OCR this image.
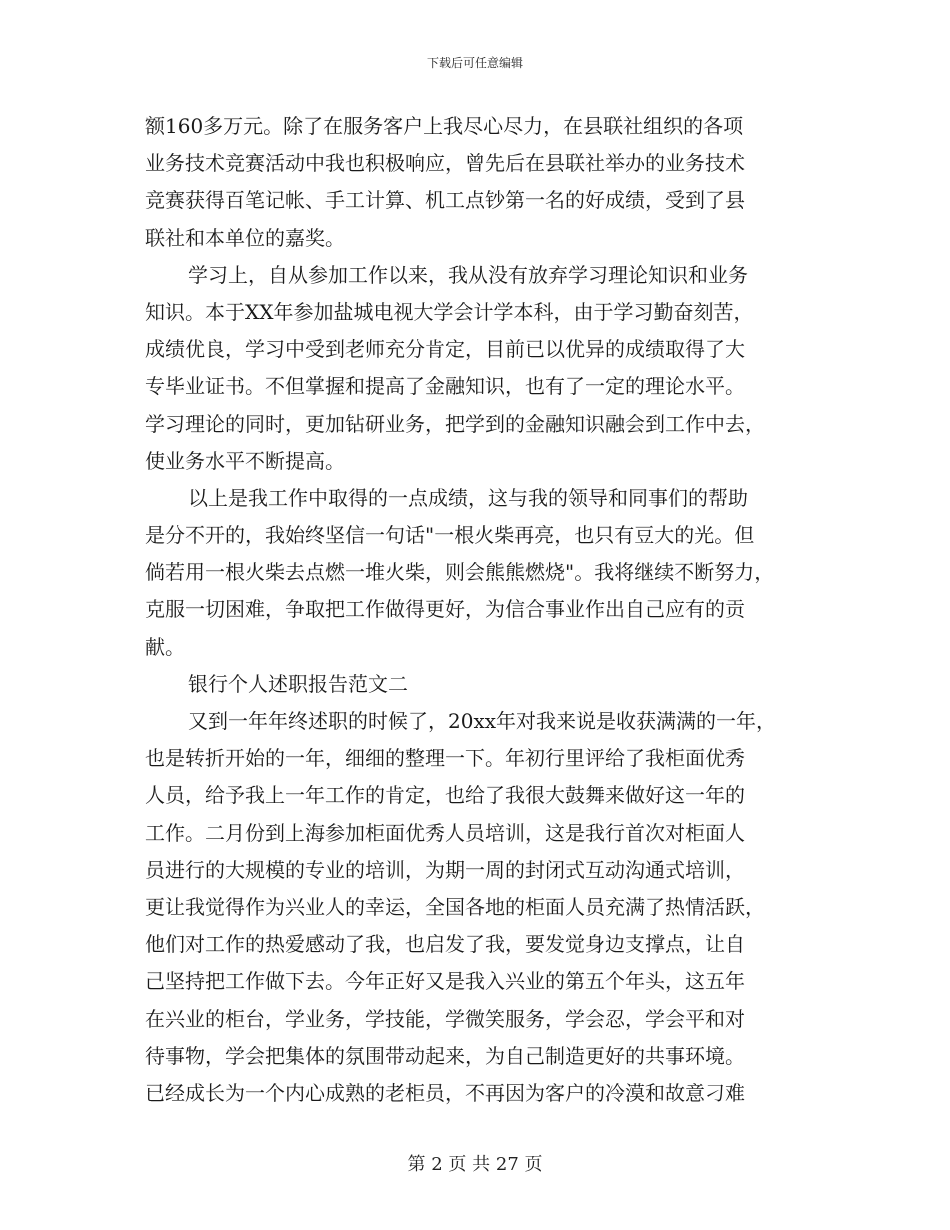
下载后可任意编辑
额160多万元。除了在服务客户上我尽心尽力，在县联社组织的各项
业务技术竞赛活动中我也积极响应，曾先后在县联社举办的业务技术
竞赛获得百笔记帐、手工计算、机工点钞第一名的好成绩，受到了县
联社和本单位的嘉奖。
学习上，自从参加工作以来，我从没有放弃学习理论知识和业务
知识。本于XX年参加盐城电视大学会计学本科，由于学习勤奋刻苦，
成绩优良，学习中受到老师充分肯定，目前已以优异的成绩取得了大
专毕业证书。不但掌握和提高了金融知识，也有了一定的理论水平。
学习理论的同时，更加钻研业务，把学到的金融知识融会到工作中去，
使业务水平不断提高。
以上是我工作中取得的一点成绩，这与我的领导和同事们的帮助
是分不开的，我始终坚信一句话"一根火柴再亮，也只有豆大的光。但
倘若用一根火柴去点燃一堆火柴，则会熊熊燃烧"。我将继续不断努力，
克服一切困难，争取把工作做得更好，为信合事业作出自己应有的贡
献。
银行个人述职报告范文二
又到一年年终述职的时候了，20xx年对我来说是收获满满的一年，
也是转折开始的一年，细细的整理一下。年初行里评给了我柜面优秀
人员，给予我上一年工作的肯定，也给了我很大鼓舞来做好这一年的
工作。二月份到上海参加柜面优秀人员培训，这是我行首次对柜面人
员进行的大规模的专业的培训，为期一周的封闭式互动沟通式培训，
更让我觉得作为兴业人的幸运，全国各地的柜面人员充满了热情活跃，
他们对工作的热爱感动了我，也启发了我，要发觉身边支撑点，让自
己坚持把工作做下去。今年正好又是我入兴业的第五个年头，这五年
在兴业的柜台，学业务，学技能，学微笑服务，学会忍，学会平和对
待事物，学会把集体的氛围带动起来，为自己制造更好的共事环境。
已经成长为一个内心成熟的老柜员，不再因为客户的冷漠和故意刁难
第 2 页 共 27 页
